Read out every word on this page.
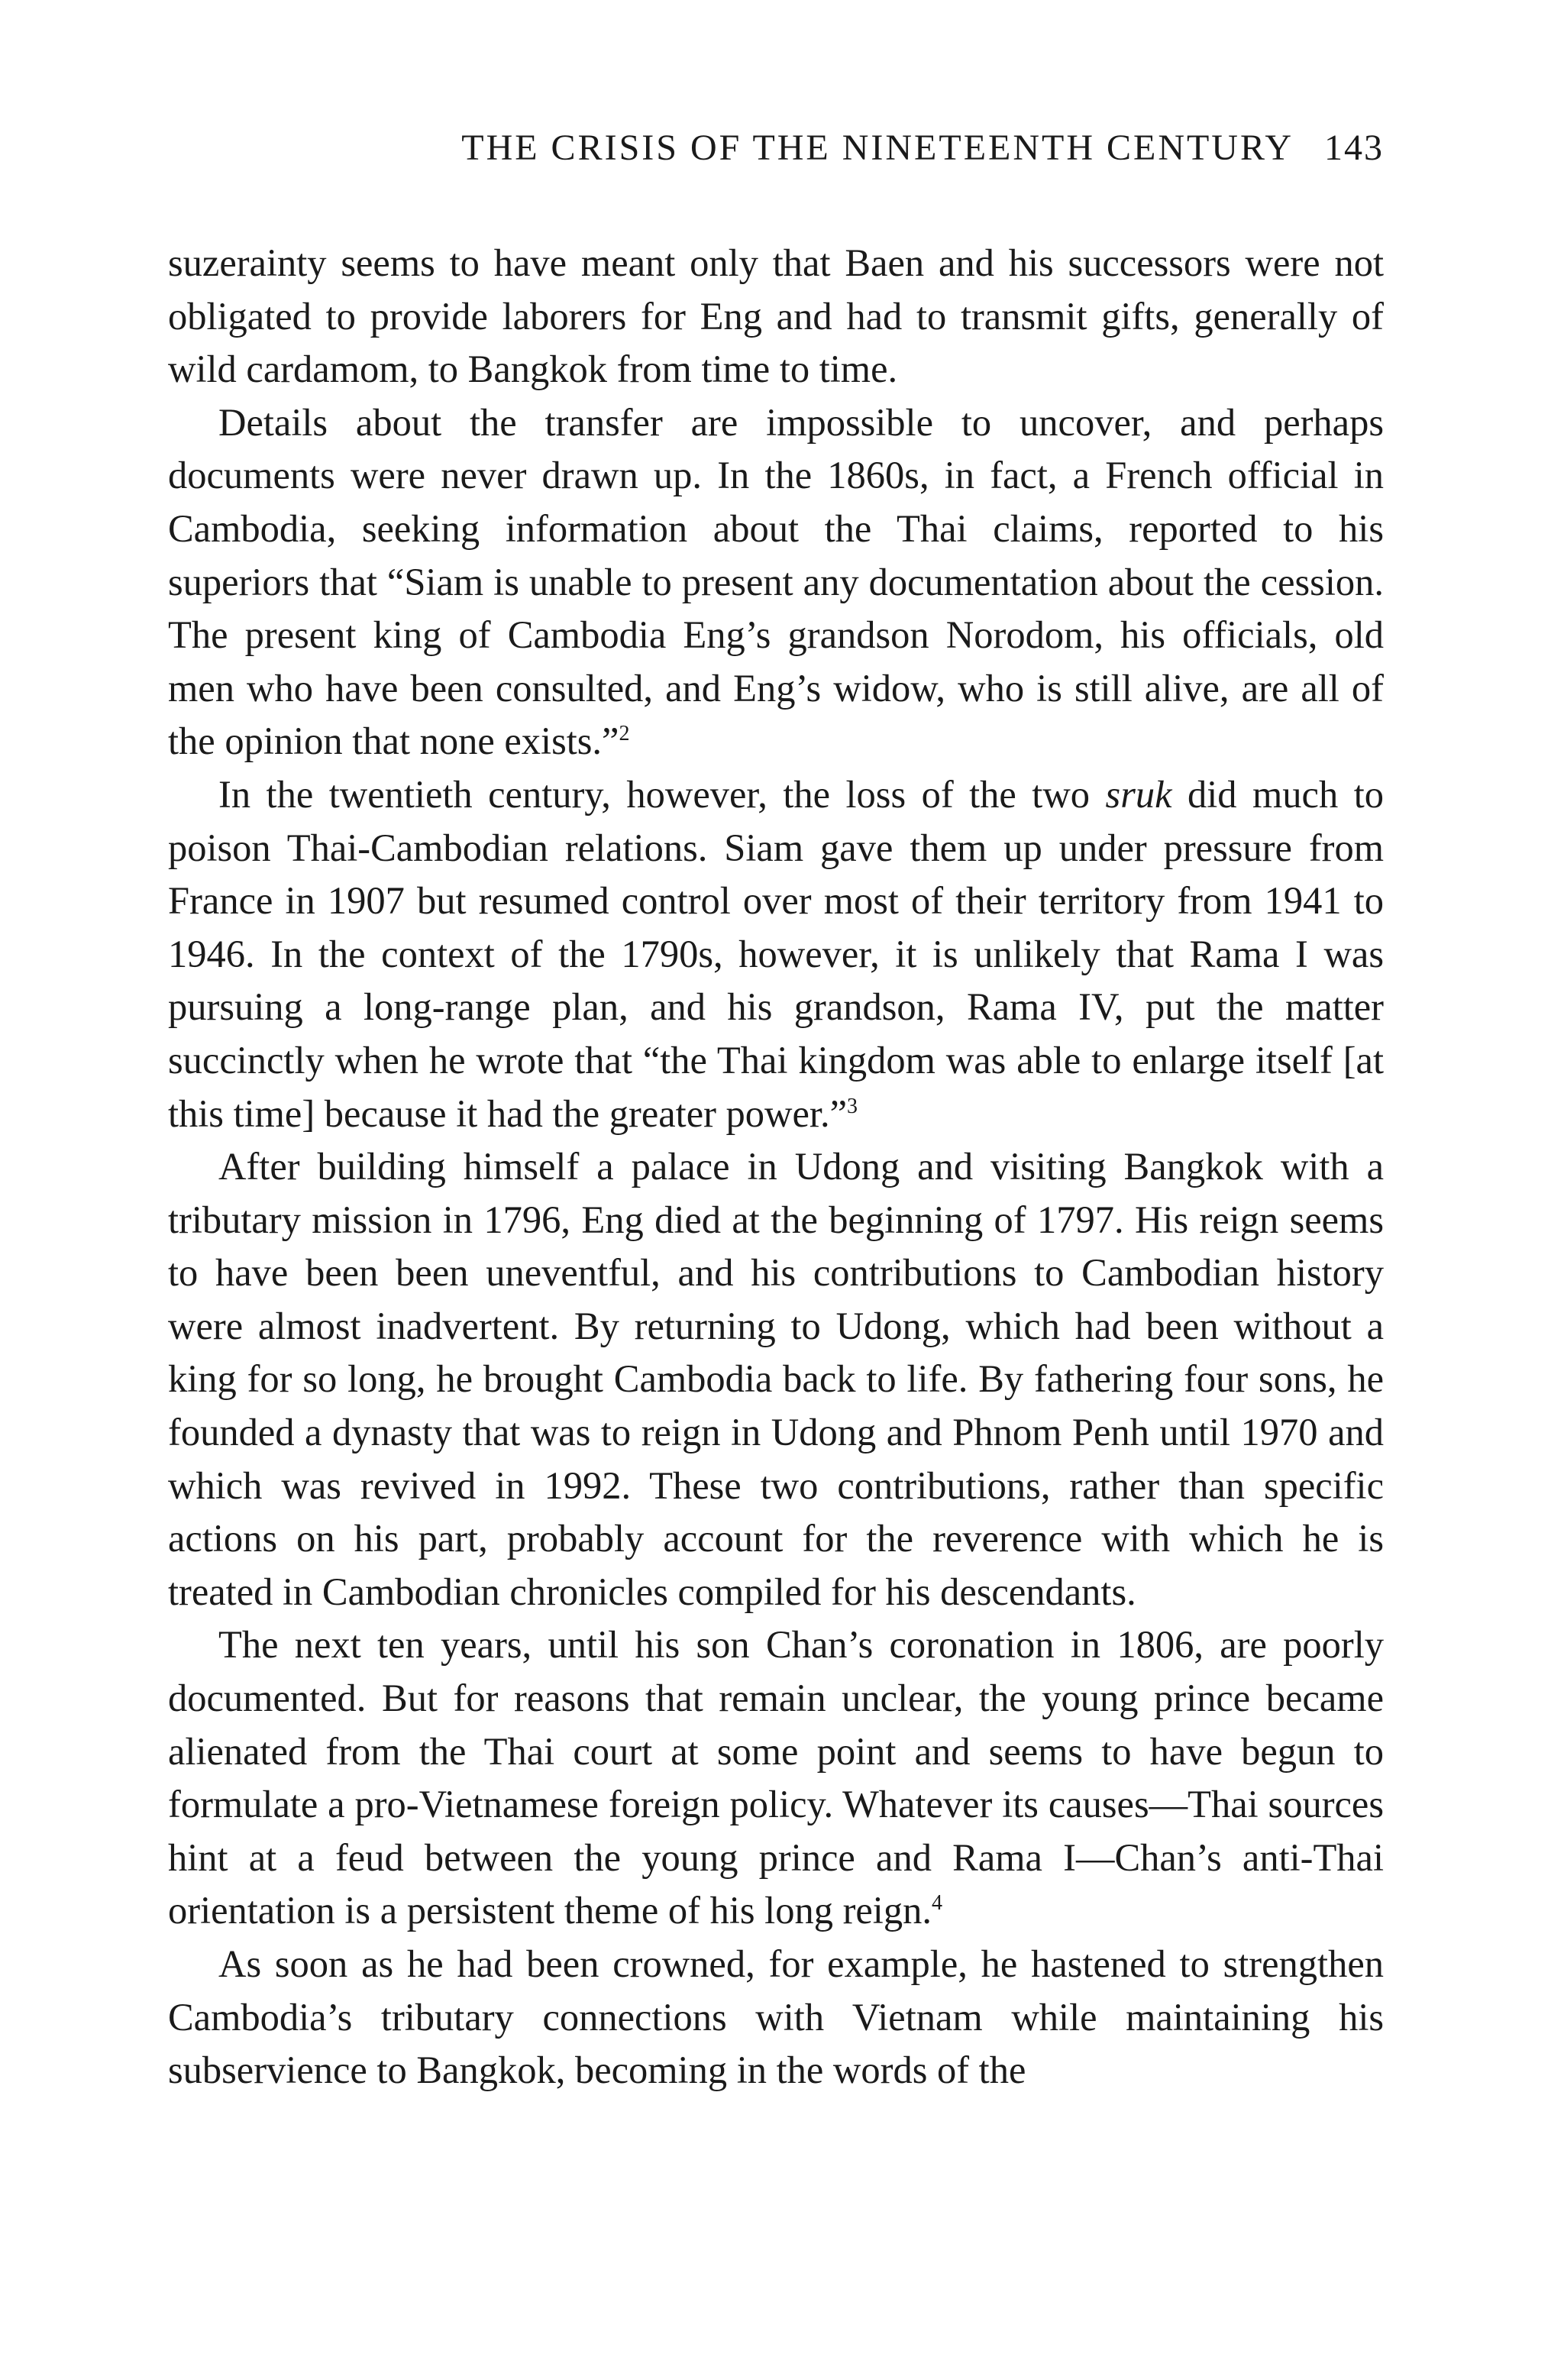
THE CRISIS OF THE NINETEENTH CENTURY 143

suzerainty seems to have meant only that Baen and his successors were not obligated to provide laborers for Eng and had to transmit gifts, generally of wild cardamom, to Bangkok from time to time.

Details about the transfer are impossible to uncover, and perhaps documents were never drawn up. In the 1860s, in fact, a French official in Cambodia, seeking information about the Thai claims, reported to his superiors that “Siam is unable to present any documentation about the cession. The present king of Cambodia Eng’s grandson Norodom, his officials, old men who have been consulted, and Eng’s widow, who is still alive, are all of the opinion that none exists.”$^2$

In the twentieth century, however, the loss of the two sruk did much to poison Thai-Cambodian relations. Siam gave them up under pressure from France in 1907 but resumed control over most of their territory from 1941 to 1946. In the context of the 1790s, however, it is unlikely that Rama I was pursuing a long-range plan, and his grandson, Rama IV, put the matter succinctly when he wrote that “the Thai kingdom was able to enlarge itself [at this time] because it had the greater power.”$^3$

After building himself a palace in Udong and visiting Bangkok with a tributary mission in 1796, Eng died at the beginning of 1797. His reign seems to have been been uneventful, and his contributions to Cambodian history were almost inadvertent. By returning to Udong, which had been without a king for so long, he brought Cambodia back to life. By fathering four sons, he founded a dynasty that was to reign in Udong and Phnom Penh until 1970 and which was revived in 1992. These two contributions, rather than specific actions on his part, probably account for the reverence with which he is treated in Cambodian chronicles compiled for his descendants.

The next ten years, until his son Chan’s coronation in 1806, are poorly documented. But for reasons that remain unclear, the young prince became alienated from the Thai court at some point and seems to have begun to formulate a pro-Vietnamese foreign policy. Whatever its causes—Thai sources hint at a feud between the young prince and Rama I—Chan’s anti-Thai orientation is a persistent theme of his long reign.$^4$

As soon as he had been crowned, for example, he hastened to strengthen Cambodia’s tributary connections with Vietnam while maintaining his subservience to Bangkok, becoming in the words of the
